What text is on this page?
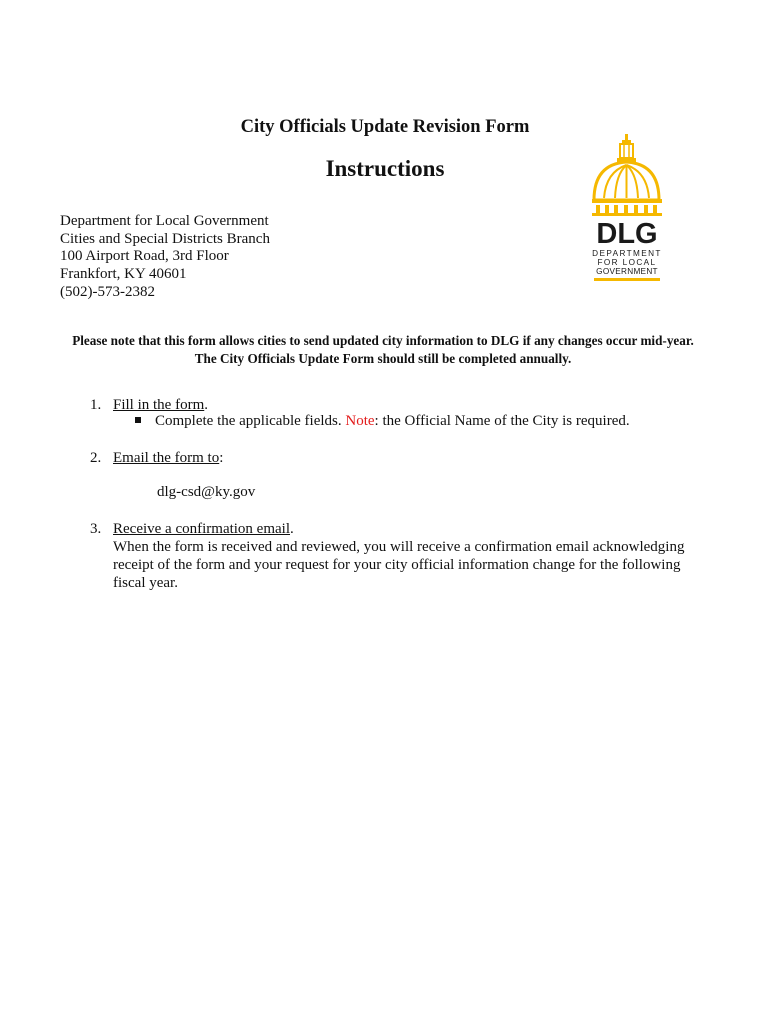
City Officials Update Revision Form
Instructions
Department for Local Government
Cities and Special Districts Branch
100 Airport Road, 3rd Floor
Frankfort, KY 40601
(502)-573-2382
DLG
DEPARTMENT
FOR LOCAL
GOVERNMENT
Please note that this form allows cities to send updated city information to DLG if any changes occur mid-year. The City Officials Update Form should still be completed annually.
1. Fill in the form.
Complete the applicable fields. Note: the Official Name of the City is required.
2. Email the form to:
dlg-csd@ky.gov
3. Receive a confirmation email.
When the form is received and reviewed, you will receive a confirmation email acknowledging receipt of the form and your request for your city official information change for the following fiscal year.
